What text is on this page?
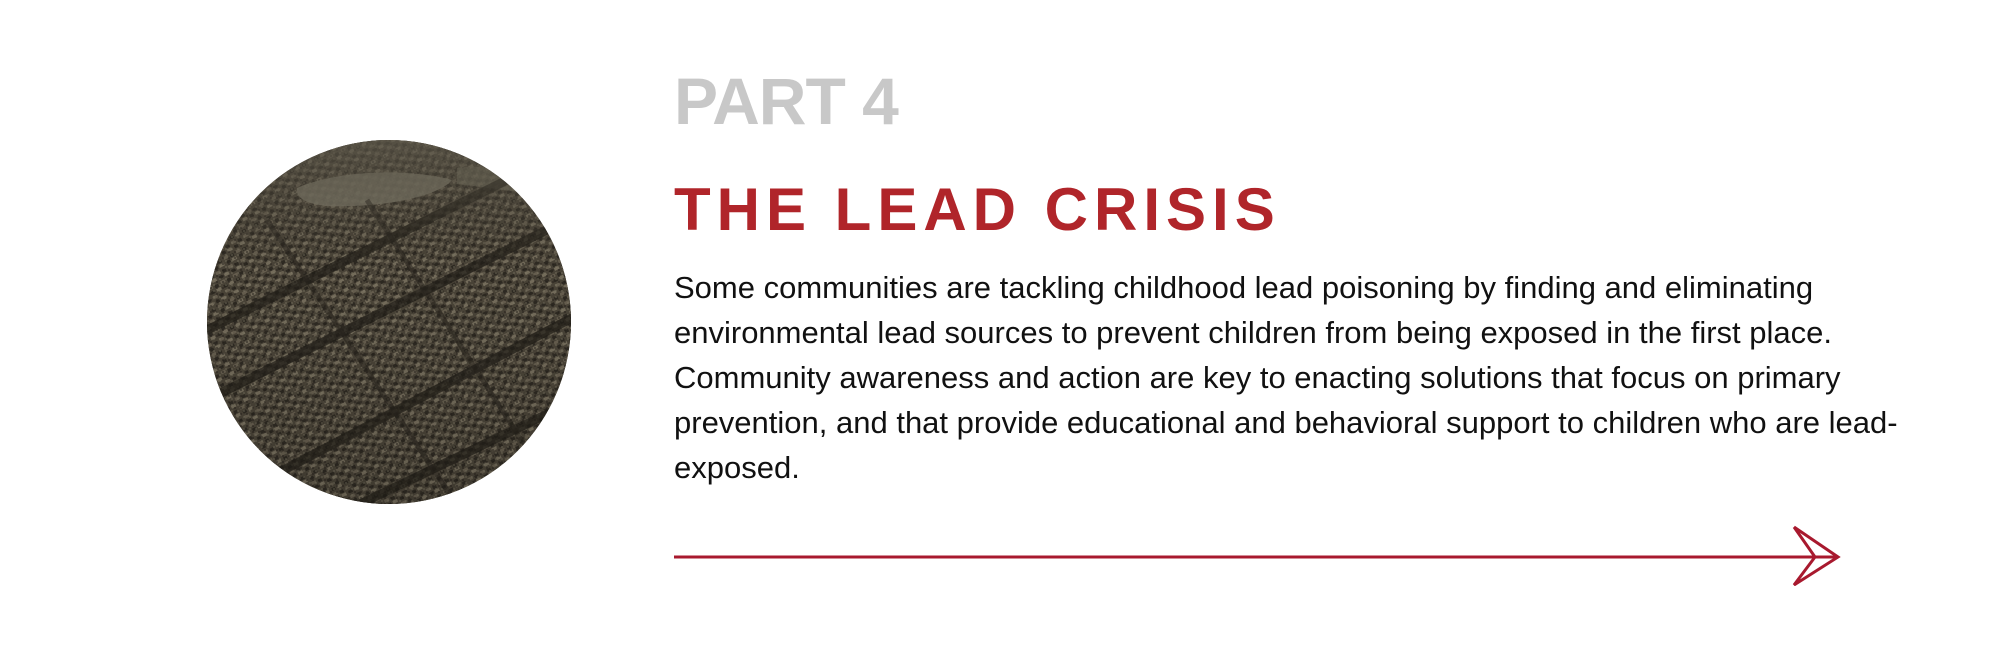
PART 4
THE LEAD CRISIS

Some communities are tackling childhood lead poisoning by finding and eliminating environmental lead sources to prevent children from being exposed in the first place. Community awareness and action are key to enacting solutions that focus on primary prevention, and that provide educational and behavioral support to children who are lead-exposed.
